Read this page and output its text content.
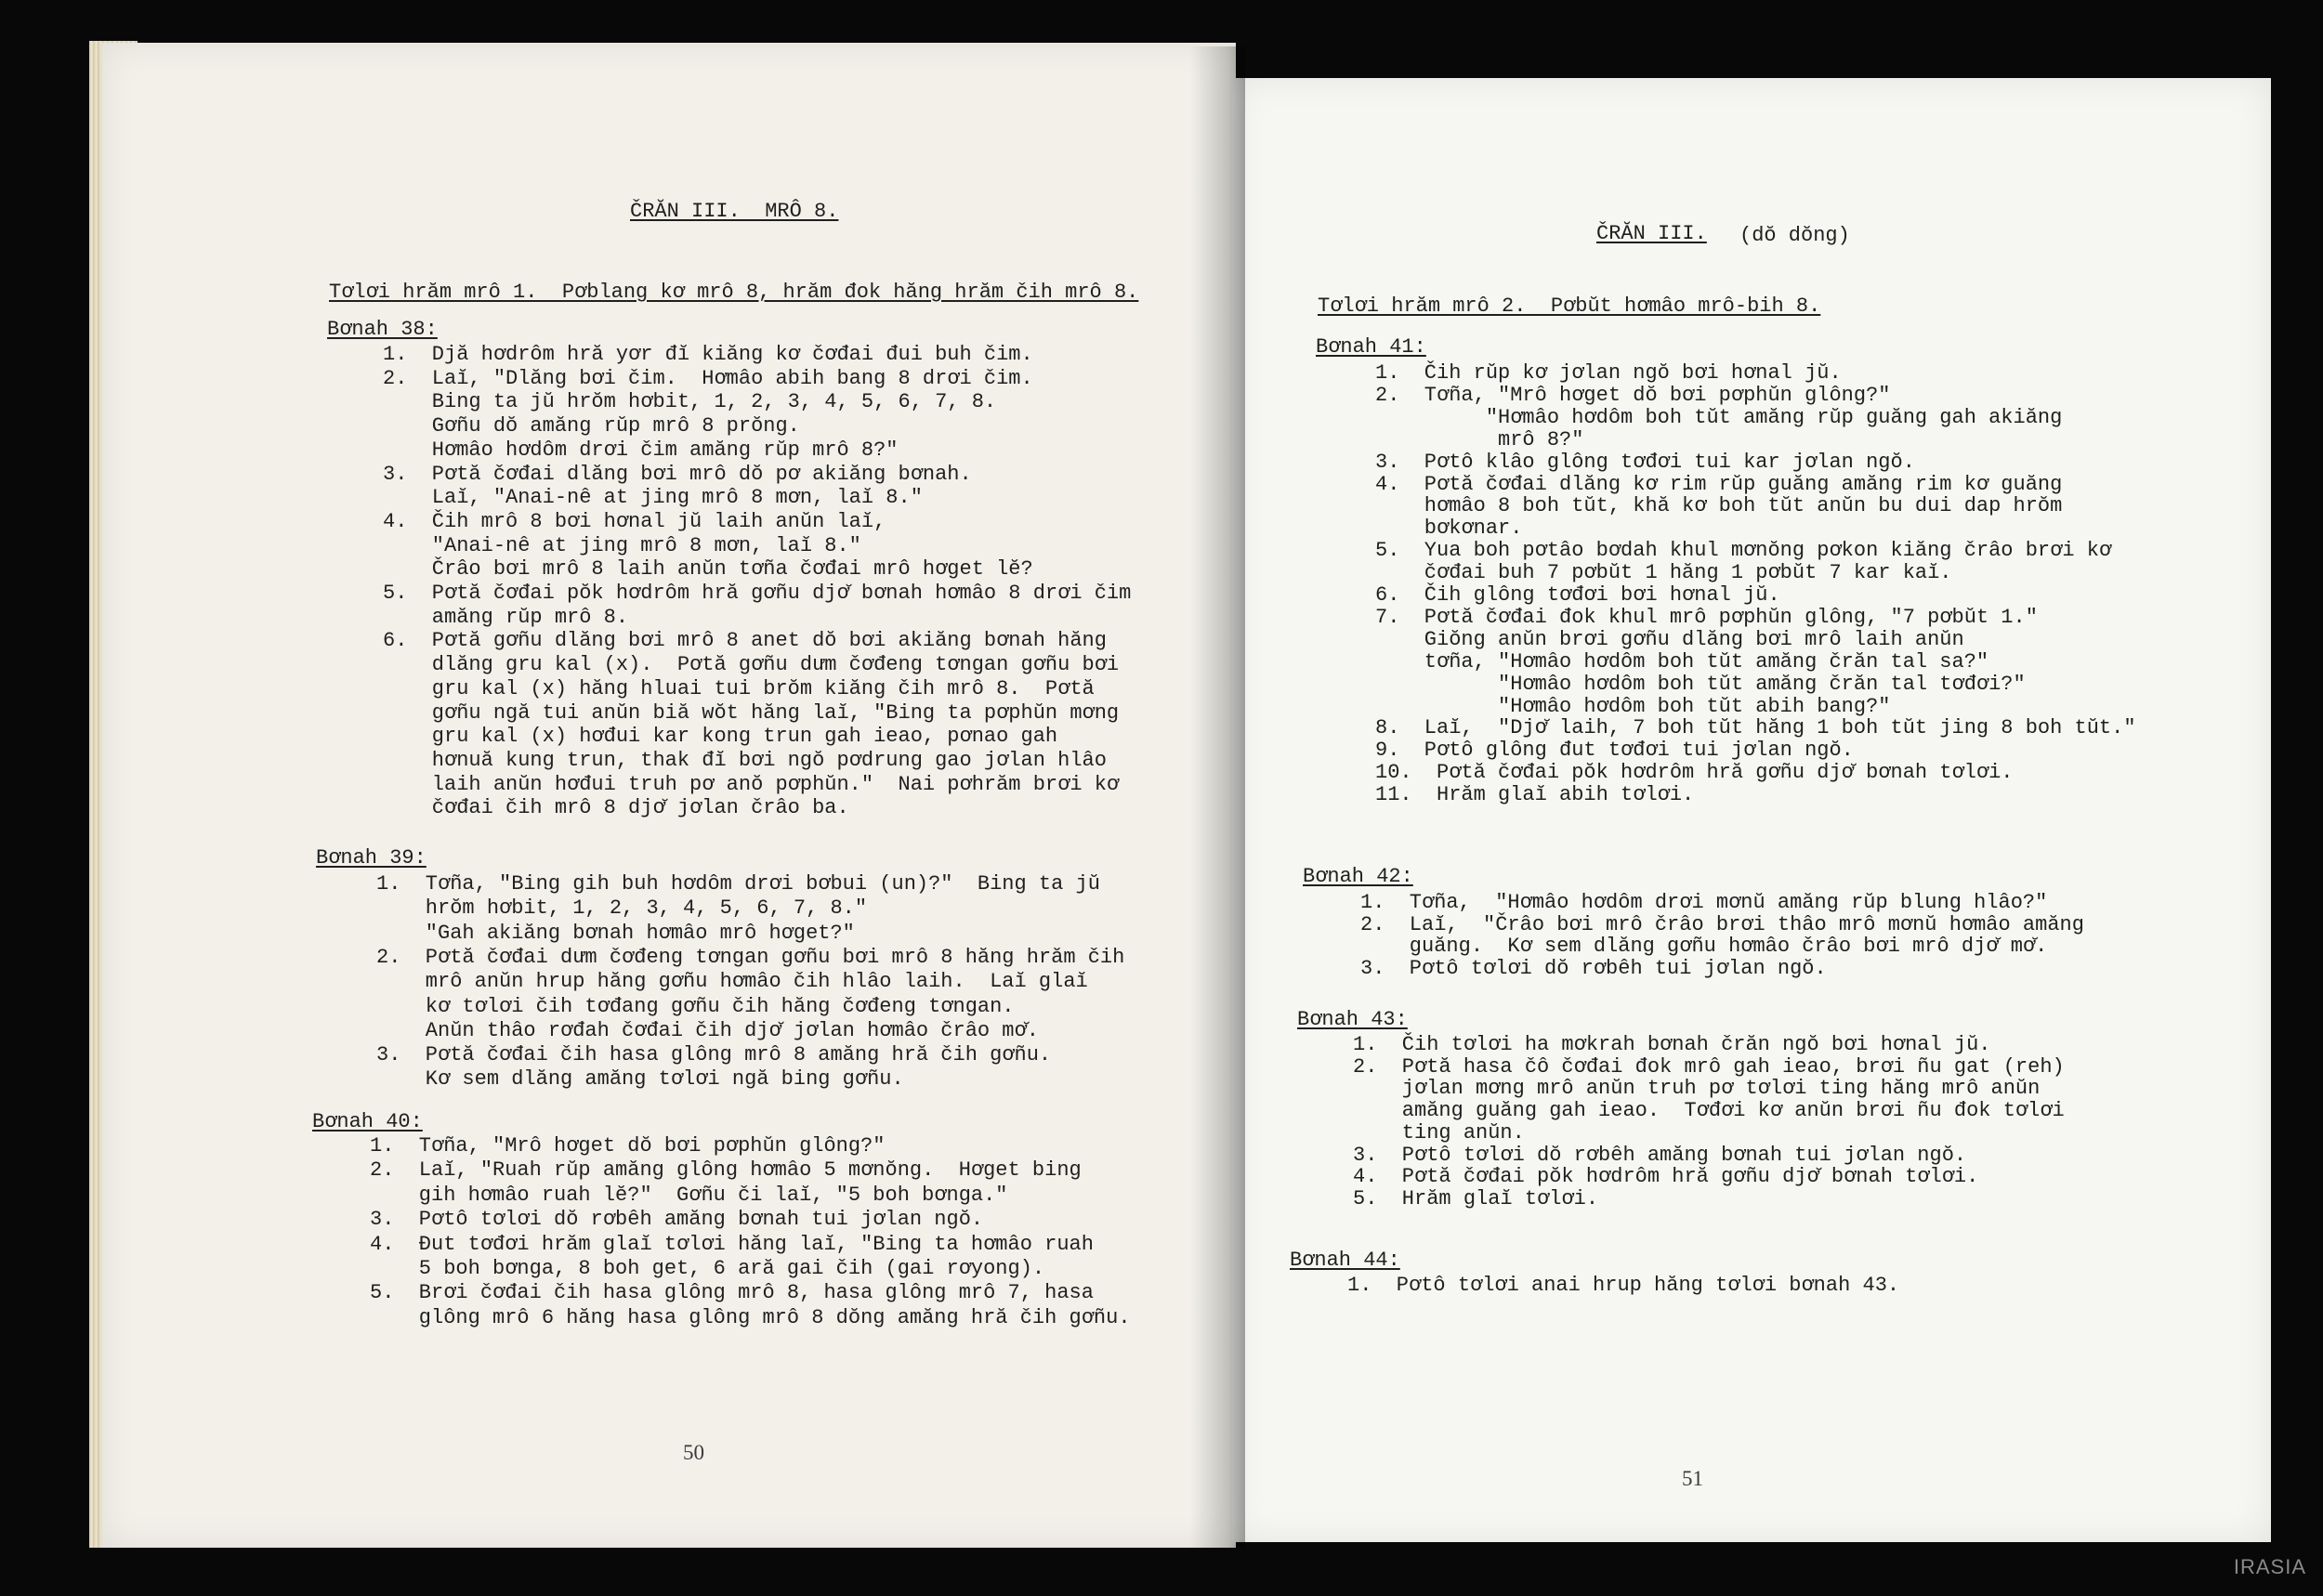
ČRĂN III.  MRÔ 8.
Tơlơi hrăm mrô 1.  Pơblang kơ mrô 8, hrăm đok hăng hrăm čih mrô 8.
Bơnah 38:
1.  Djă hơdrôm hră yơr đĭ kiăng kơ čơđai đui buh čim.
2.  Laĭ, "Dlăng bơi čim.  Hơmâo abih bang 8 drơi čim.
Bing ta jŭ hrŏm hơbit, 1, 2, 3, 4, 5, 6, 7, 8.
Gơñu dŏ amăng rŭp mrô 8 prŏng.
Hơmâo hơdôm drơi čim amăng rŭp mrô 8?"
3.  Pơtă čơđai dlăng bơi mrô dŏ pơ akiăng bơnah.
Laĭ, "Anai-nê at jing mrô 8 mơn, laĭ 8."
4.  Čih mrô 8 bơi hơnal jŭ laih anŭn laĭ,
"Anai-nê at jing mrô 8 mơn, laĭ 8."
Črâo bơi mrô 8 laih anŭn tơña čơđai mrô hơget lĕ?
5.  Pơtă čơđai pŏk hơdrôm hră gơñu djơ̆ bơnah hơmâo 8 drơi čim
amăng rŭp mrô 8.
6.  Pơtă gơñu dlăng bơi mrô 8 anet dŏ bơi akiăng bơnah hăng
dlăng gru kal (x).  Pơtă gơñu dưm čơđeng tơngan gơñu bơi
gru kal (x) hăng hluai tui brŏm kiăng čih mrô 8.  Pơtă
gơñu ngă tui anŭn biă wŏt hăng laĭ, "Bing ta pơphŭn mơng
gru kal (x) hơđui kar kong trun gah ieao, pơnao gah
hơnuă kung trun, thak đĭ bơi ngŏ pơdrung gao jơlan hlâo
laih anŭn hơđui truh pơ anŏ pơphŭn."  Nai pơhrăm brơi kơ
čơđai čih mrô 8 djơ̆ jơlan črâo ba.
Bơnah 39:
1.  Tơña, "Bing gih buh hơdôm drơi bơbui (un)?"  Bing ta jŭ
hrŏm hơbit, 1, 2, 3, 4, 5, 6, 7, 8."
"Gah akiăng bơnah hơmâo mrô hơget?"
2.  Pơtă čơđai dưm čơđeng tơngan gơñu bơi mrô 8 hăng hrăm čih
mrô anŭn hrup hăng gơñu hơmâo čih hlâo laih.  Laĭ glaĭ
kơ tơlơi čih tơđang gơñu čih hăng čơđeng tơngan.
Anŭn thâo rơđah čơđai čih djơ̆ jơlan hơmâo črâo mơ̆.
3.  Pơtă čơđai čih hasa glông mrô 8 amăng hră čih gơñu.
Kơ sem dlăng amăng tơlơi ngă bing gơñu.
Bơnah 40:
1.  Tơña, "Mrô hơget dŏ bơi pơphŭn glông?"
2.  Laĭ, "Ruah rŭp amăng glông hơmâo 5 mơnŏng.  Hơget bing
gih hơmâo ruah lĕ?"  Gơñu či laĭ, "5 boh bơnga."
3.  Pơtô tơlơi dŏ rơbêh amăng bơnah tui jơlan ngŏ.
4.  Đut tơđơi hrăm glaĭ tơlơi hăng laĭ, "Bing ta hơmâo ruah
5 boh bơnga, 8 boh get, 6 ară gai čih (gai rơyong).
5.  Brơi čơđai čih hasa glông mrô 8, hasa glông mrô 7, hasa
glông mrô 6 hăng hasa glông mrô 8 dŏng amăng hră čih gơñu.
50
ČRĂN III. (dŏ dŏng)
Tơlơi hrăm mrô 2.  Pơbŭt hơmâo mrô-bih 8.
Bơnah 41:
1.  Čih rŭp kơ jơlan ngŏ bơi hơnal jŭ.
2.  Tơña, "Mrô hơget dŏ bơi pơphŭn glông?"
"Hơmâo hơdôm boh tŭt amăng rŭp guăng gah akiăng
mrô 8?"
3.  Pơtô klâo glông tơđơi tui kar jơlan ngŏ.
4.  Pơtă čơđai dlăng kơ rim rŭp guăng amăng rim kơ guăng
hơmâo 8 boh tŭt, khă kơ boh tŭt anŭn bu dui dap hrŏm
bơkơnar.
5.  Yua boh pơtâo bơdah khul mơnŏng pơkon kiăng črâo brơi kơ
čơđai buh 7 pơbŭt 1 hăng 1 pơbŭt 7 kar kaĭ.
6.  Čih glông tơđơi bơi hơnal jŭ.
7.  Pơtă čơđai đok khul mrô pơphŭn glông, "7 pơbŭt 1."
Giŏng anŭn brơi gơñu dlăng bơi mrô laih anŭn
tơña, "Hơmâo hơdôm boh tŭt amăng črăn tal sa?"
"Hơmâo hơdôm boh tŭt amăng črăn tal tơđơi?"
"Hơmâo hơdôm boh tŭt abih bang?"
8.  Laĭ,  "Djơ̆ laih, 7 boh tŭt hăng 1 boh tŭt jing 8 boh tŭt."
9.  Pơtô glông đut tơđơi tui jơlan ngŏ.
10.  Pơtă čơđai pŏk hơdrôm hră gơñu djơ̆ bơnah tơlơi.
11.  Hrăm glaĭ abih tơlơi.
Bơnah 42:
1.  Tơña,  "Hơmâo hơdôm drơi mơnŭ amăng rŭp blung hlâo?"
2.  Laĭ,  "Črâo bơi mrô črâo brơi thâo mrô mơnŭ hơmâo amăng
guăng.  Kơ sem dlăng gơñu hơmâo črâo bơi mrô djơ̆ mơ̆.
3.  Pơtô tơlơi dŏ rơbêh tui jơlan ngŏ.
Bơnah 43:
1.  Čih tơlơi ha mơkrah bơnah črăn ngŏ bơi hơnal jŭ.
2.  Pơtă hasa čô čơđai đok mrô gah ieao, brơi ñu gat (reh)
jơlan mơng mrô anŭn truh pơ tơlơi ting hăng mrô anŭn
amăng guăng gah ieao.  Tơđơi kơ anŭn brơi ñu đok tơlơi
ting anŭn.
3.  Pơtô tơlơi dŏ rơbêh amăng bơnah tui jơlan ngŏ.
4.  Pơtă čơđai pŏk hơdrôm hră gơñu djơ̆ bơnah tơlơi.
5.  Hrăm glaĭ tơlơi.
Bơnah 44:
1.  Pơtô tơlơi anai hrup hăng tơlơi bơnah 43.
51
IRASIA
